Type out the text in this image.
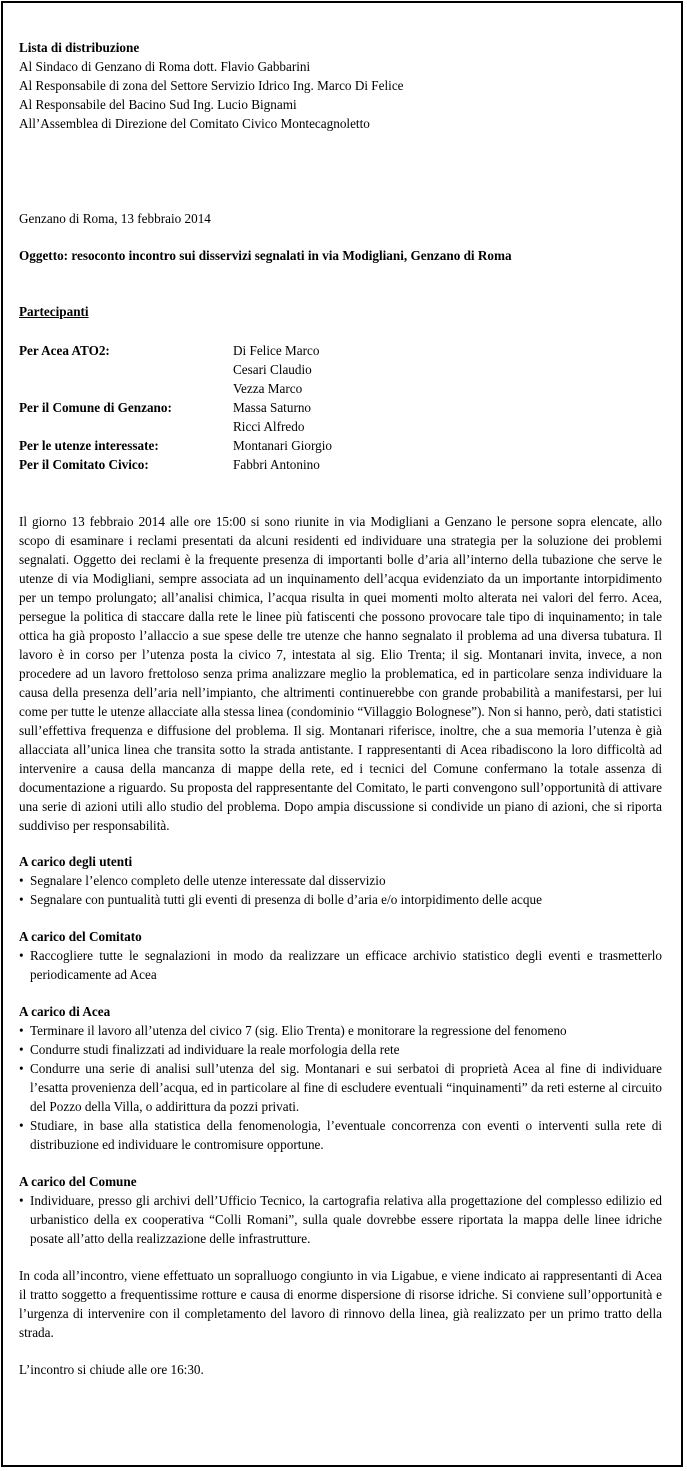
Lista di distribuzione

Al Sindaco di Genzano di Roma dott. Flavio Gabbarini

Al Responsabile di zona del Settore Servizio Idrico Ing. Marco Di Felice

Al Responsabile del Bacino Sud Ing. Lucio Bignami

All’Assemblea di Direzione del Comitato Civico Montecagnoletto

Genzano di Roma, 13 febbraio 2014

Oggetto: resoconto incontro sui disservizi segnalati in via Modigliani, Genzano di Roma

Partecipanti

Per Acea ATO2:	Di Felice Marco
Cesari Claudio
Vezza Marco
Per il Comune di Genzano:	Massa Saturno
Ricci Alfredo
Per le utenze interessate:	Montanari Giorgio
Per il Comitato Civico:	Fabbri Antonino

Il giorno 13 febbraio 2014 alle ore 15:00 si sono riunite in via Modigliani a Genzano le persone sopra elencate, allo scopo di esaminare i reclami presentati da alcuni residenti ed individuare una strategia per la soluzione dei problemi segnalati. Oggetto dei reclami è la frequente presenza di importanti bolle d’aria all’interno della tubazione che serve le utenze di via Modigliani, sempre associata ad un inquinamento dell’acqua evidenziato da un importante intorpidimento per un tempo prolungato; all’analisi chimica, l’acqua risulta in quei momenti molto alterata nei valori del ferro. Acea, persegue la politica di staccare dalla rete le linee più fatiscenti che possono provocare tale tipo di inquinamento; in tale ottica ha già proposto l’allaccio a sue spese delle tre utenze che hanno segnalato il problema ad una diversa tubatura. Il lavoro è in corso per l’utenza posta la civico 7, intestata al sig. Elio Trenta; il sig. Montanari invita, invece, a non procedere ad un lavoro frettoloso senza prima analizzare meglio la problematica, ed in particolare senza individuare la causa della presenza dell’aria nell’impianto, che altrimenti continuerebbe con grande probabilità a manifestarsi, per lui come per tutte le utenze allacciate alla stessa linea (condominio “Villaggio Bolognese”). Non si hanno, però, dati statistici sull’effettiva frequenza e diffusione del problema. Il sig. Montanari riferisce, inoltre, che a sua memoria l’utenza è già allacciata all’unica linea che transita sotto la strada antistante. I rappresentanti di Acea ribadiscono la loro difficoltà ad intervenire a causa della mancanza di mappe della rete, ed i tecnici del Comune confermano la totale assenza di documentazione a riguardo. Su proposta del rappresentante del Comitato, le parti convengono sull’opportunità di attivare una serie di azioni utili allo studio del problema. Dopo ampia discussione si condivide un piano di azioni, che si riporta suddiviso per responsabilità.

A carico degli utenti

• Segnalare l’elenco completo delle utenze interessate dal disservizio
• Segnalare con puntualità tutti gli eventi di presenza di bolle d’aria e/o intorpidimento delle acque

A carico del Comitato

• Raccogliere tutte le segnalazioni in modo da realizzare un efficace archivio statistico degli eventi e trasmetterlo periodicamente ad Acea

A carico di Acea

• Terminare il lavoro all’utenza del civico 7 (sig. Elio Trenta) e monitorare la regressione del fenomeno
• Condurre studi finalizzati ad individuare la reale morfologia della rete
• Condurre una serie di analisi sull’utenza del sig. Montanari e sui serbatoi di proprietà Acea al fine di individuare l’esatta provenienza dell’acqua, ed in particolare al fine di escludere eventuali “inquinamenti” da reti esterne al circuito del Pozzo della Villa, o addirittura da pozzi privati.
• Studiare, in base alla statistica della fenomenologia, l’eventuale concorrenza con eventi o interventi sulla rete di distribuzione ed individuare le contromisure opportune.

A carico del Comune

• Individuare, presso gli archivi dell’Ufficio Tecnico, la cartografia relativa alla progettazione del complesso edilizio ed urbanistico della ex cooperativa “Colli Romani”, sulla quale dovrebbe essere riportata la mappa delle linee idriche posate all’atto della realizzazione delle infrastrutture.

In coda all’incontro, viene effettuato un sopralluogo congiunto in via Ligabue, e viene indicato ai rappresentanti di Acea il tratto soggetto a frequentissime rotture e causa di enorme dispersione di risorse idriche. Si conviene sull’opportunità e l’urgenza di intervenire con il completamento del lavoro di rinnovo della linea, già realizzato per un primo tratto della strada.

L’incontro si chiude alle ore 16:30.
